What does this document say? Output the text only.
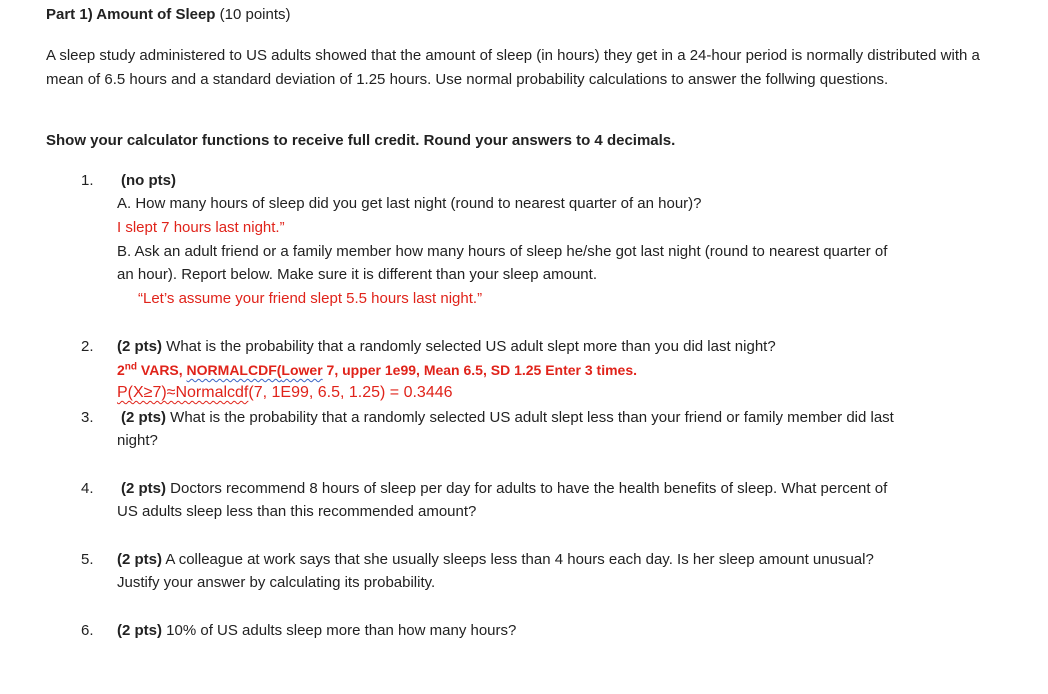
Part 1) Amount of Sleep (10 points)
A sleep study administered to US adults showed that the amount of sleep (in hours) they get in a 24-hour period is normally distributed with a mean of 6.5 hours and a standard deviation of 1.25 hours. Use normal probability calculations to answer the follwing questions.
Show your calculator functions to receive full credit. Round your answers to 4 decimals.
1.	(no pts)
A. How many hours of sleep did you get last night (round to nearest quarter of an hour)?
I slept 7 hours last night.”
B. Ask an adult friend or a family member how many hours of sleep he/she got last night (round to nearest quarter of
an hour). Report below. Make sure it is different than your sleep amount.
“Let’s assume your friend slept 5.5 hours last night.”
2.	(2 pts) What is the probability that a randomly selected US adult slept more than you did last night?
2nd VARS, NORMALCDF(Lower 7, upper 1e99, Mean 6.5, SD 1.25 Enter 3 times.
P(X≥7)≈Normalcdf(7, 1E99, 6.5, 1.25) = 0.3446
3.	(2 pts) What is the probability that a randomly selected US adult slept less than your friend or family member did last
night?
4.	(2 pts) Doctors recommend 8 hours of sleep per day for adults to have the health benefits of sleep. What percent of
US adults sleep less than this recommended amount?
5.	(2 pts) A colleague at work says that she usually sleeps less than 4 hours each day. Is her sleep amount unusual?
Justify your answer by calculating its probability.
6.	(2 pts) 10% of US adults sleep more than how many hours?
